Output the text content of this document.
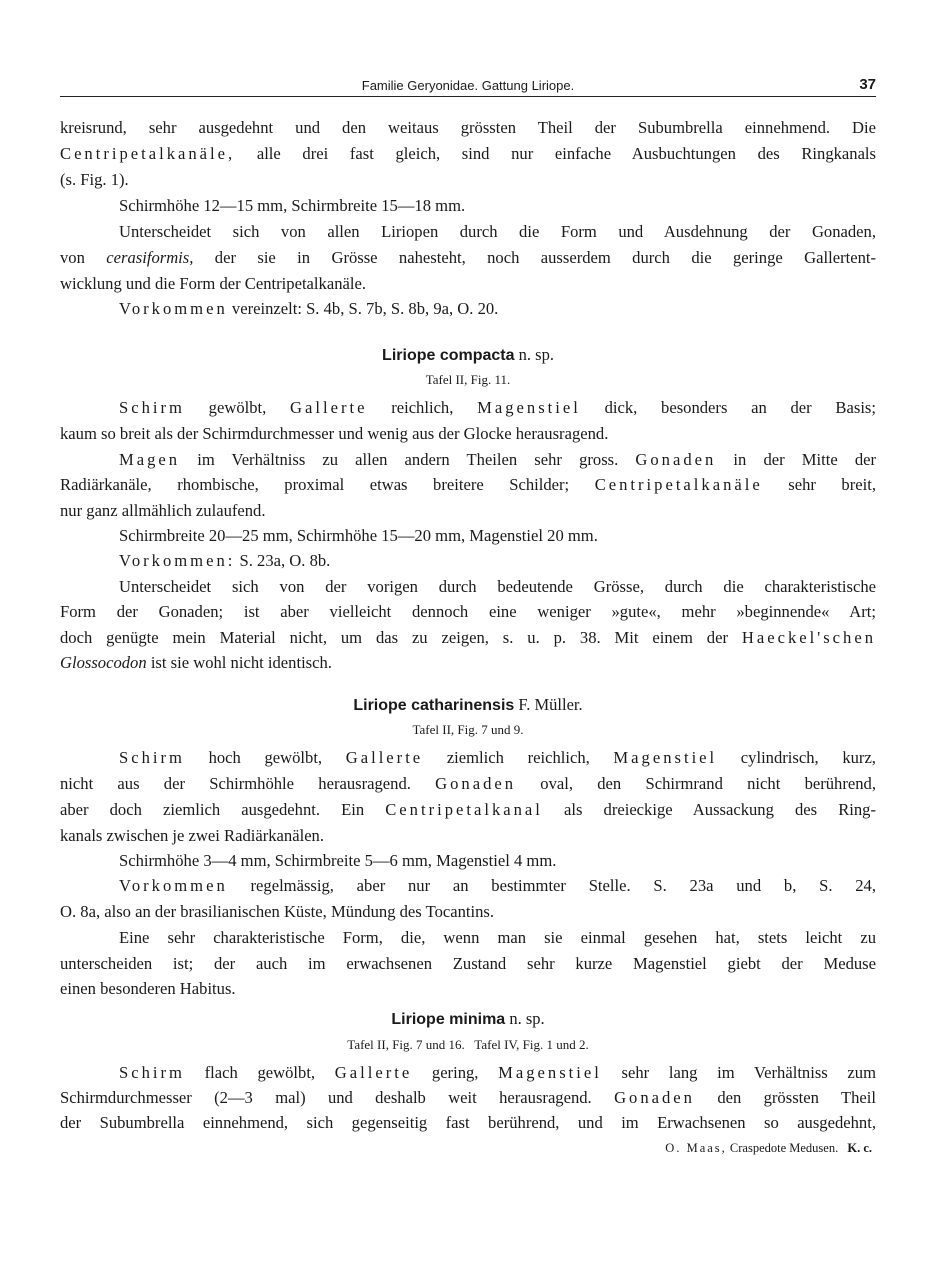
Familie Geryonidae. Gattung Liriope.	37
kreisrund, sehr ausgedehnt und den weitaus grössten Theil der Subumbrella einnehmend. Die
Centripetalkanäle, alle drei fast gleich, sind nur einfache Ausbuchtungen des Ringkanals
(s. Fig. 1).
Schirmhöhe 12—15 mm, Schirmbreite 15—18 mm.
Unterscheidet sich von allen Liriopen durch die Form und Ausdehnung der Gonaden,
von cerasiformis, der sie in Grösse nahesteht, noch ausserdem durch die geringe Gallertent-
wicklung und die Form der Centripetalkanäle.
Vorkommen vereinzelt: S. 4b, S. 7b, S. 8b, 9a, O. 20.
Liriope compacta n. sp.
Tafel II, Fig. 11.
Schirm gewölbt, Gallerte reichlich, Magenstiel dick, besonders an der Basis;
kaum so breit als der Schirmdurchmesser und wenig aus der Glocke herausragend.
Magen im Verhältniss zu allen andern Theilen sehr gross. Gonaden in der Mitte der
Radiärkanäle, rhombische, proximal etwas breitere Schilder; Centripetalkanäle sehr breit,
nur ganz allmählich zulaufend.
Schirmbreite 20—25 mm, Schirmhöhe 15—20 mm, Magenstiel 20 mm.
Vorkommen: S. 23a, O. 8b.
Unterscheidet sich von der vorigen durch bedeutende Grösse, durch die charakteristische
Form der Gonaden; ist aber vielleicht dennoch eine weniger »gute«, mehr »beginnende« Art;
doch genügte mein Material nicht, um das zu zeigen, s. u. p. 38. Mit einem der Haeckel'schen
Glossocodon ist sie wohl nicht identisch.
Liriope catharinensis F. Müller.
Tafel II, Fig. 7 und 9.
Schirm hoch gewölbt, Gallerte ziemlich reichlich, Magenstiel cylindrisch, kurz,
nicht aus der Schirmhöhle herausragend. Gonaden oval, den Schirmrand nicht berührend,
aber doch ziemlich ausgedehnt. Ein Centripetalkanal als dreieckige Aussackung des Ring-
kanals zwischen je zwei Radiärkanälen.
Schirmhöhe 3—4 mm, Schirmbreite 5—6 mm, Magenstiel 4 mm.
Vorkommen regelmässig, aber nur an bestimmter Stelle. S. 23a und b, S. 24,
O. 8a, also an der brasilianischen Küste, Mündung des Tocantins.
Eine sehr charakteristische Form, die, wenn man sie einmal gesehen hat, stets leicht zu
unterscheiden ist; der auch im erwachsenen Zustand sehr kurze Magenstiel giebt der Meduse
einen besonderen Habitus.
Liriope minima n. sp.
Tafel II, Fig. 7 und 16.   Tafel IV, Fig. 1 und 2.
Schirm flach gewölbt, Gallerte gering, Magenstiel sehr lang im Verhältniss zum
Schirmdurchmesser (2—3 mal) und deshalb weit herausragend. Gonaden den grössten Theil
der Subumbrella einnehmend, sich gegenseitig fast berührend, und im Erwachsenen so ausgedehnt,
O. Maas, Craspedote Medusen. K. c.
